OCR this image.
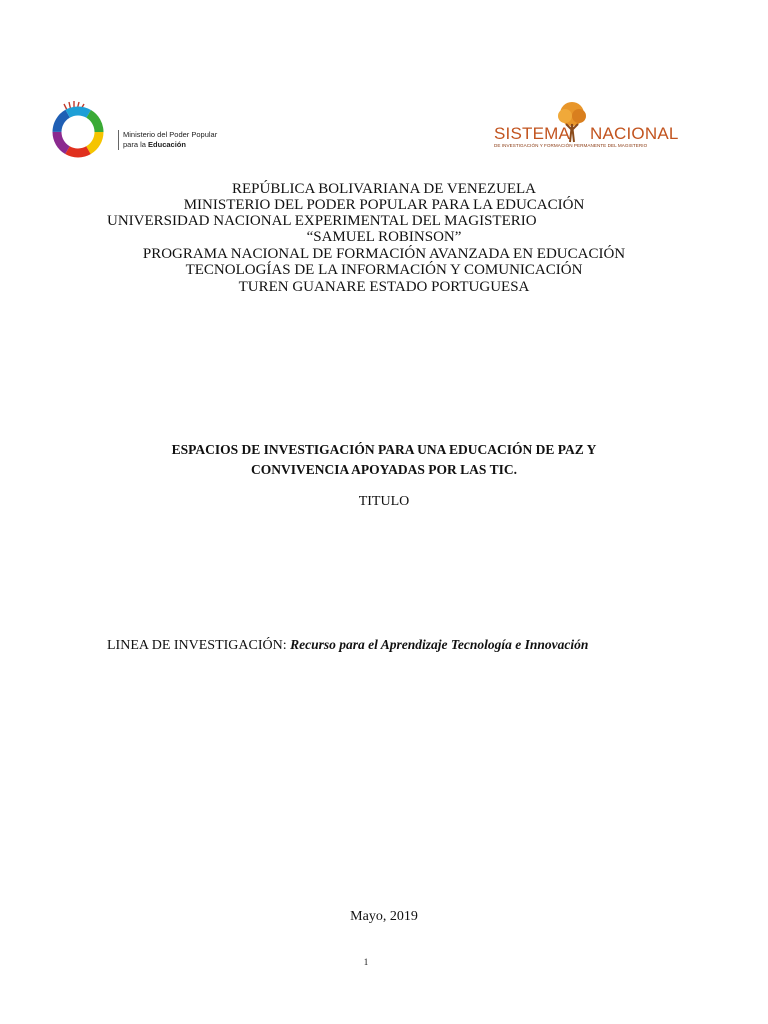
Ministerio del Poder Popular
para la Educación
SISTEMA NACIONAL
DE INVESTIGACIÓN Y FORMACIÓN PERMANENTE DEL MAGISTERIO
REPÚBLICA BOLIVARIANA DE VENEZUELA
MINISTERIO DEL PODER POPULAR PARA LA EDUCACIÓN
UNIVERSIDAD NACIONAL EXPERIMENTAL DEL MAGISTERIO
“SAMUEL ROBINSON”
PROGRAMA NACIONAL DE FORMACIÓN AVANZADA EN EDUCACIÓN
TECNOLOGÍAS DE LA INFORMACIÓN Y COMUNICACIÓN
TUREN GUANARE ESTADO PORTUGUESA
ESPACIOS DE INVESTIGACIÓN PARA UNA EDUCACIÓN DE PAZ Y
CONVIVENCIA APOYADAS POR LAS TIC.
TITULO
LINEA DE INVESTIGACIÓN: Recurso para el Aprendizaje Tecnología e Innovación
Mayo, 2019
1
